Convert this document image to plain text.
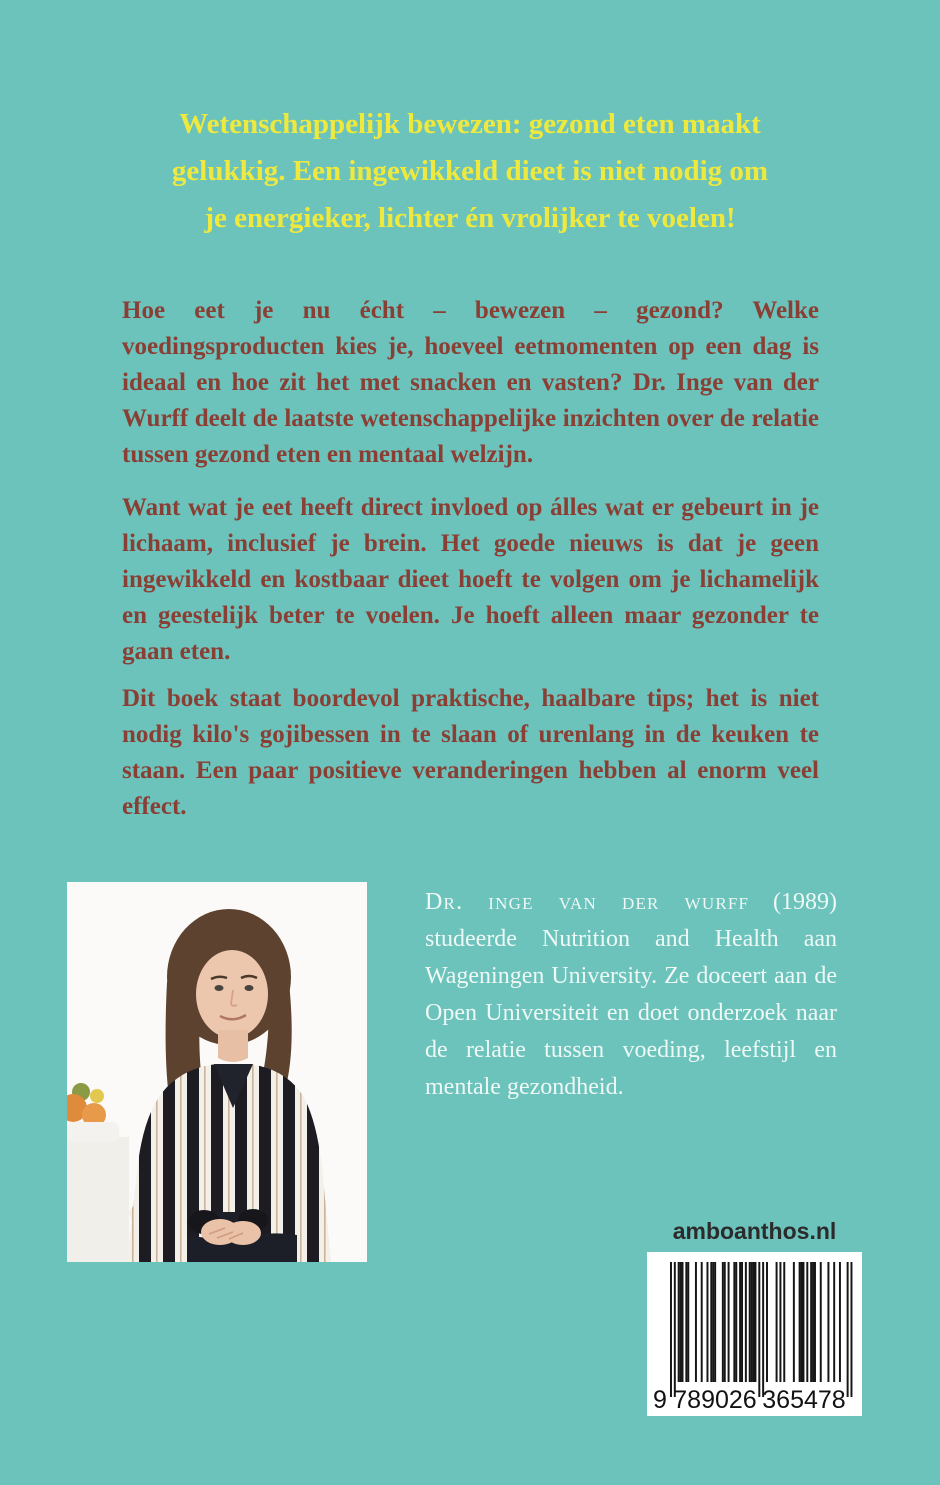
Wetenschappelijk bewezen: gezond eten maakt
gelukkig. Een ingewikkeld dieet is niet nodig om
je energieker, lichter én vrolijker te voelen!

Hoe eet je nu écht – bewezen – gezond? Welke voedingsproducten kies je, hoeveel eetmomenten op een dag is ideaal en hoe zit het met snacken en vasten? Dr. Inge van der Wurff deelt de laatste wetenschappelijke inzichten over de relatie tussen gezond eten en mentaal welzijn.

Want wat je eet heeft direct invloed op álles wat er gebeurt in je lichaam, inclusief je brein. Het goede nieuws is dat je geen ingewikkeld en kostbaar dieet hoeft te volgen om je lichamelijk en geestelijk beter te voelen. Je hoeft alleen maar gezonder te gaan eten.

Dit boek staat boordevol praktische, haalbare tips; het is niet nodig kilo's gojibessen in te slaan of urenlang in de keuken te staan. Een paar positieve veranderingen hebben al enorm veel effect.

Dr. inge van der wurff (1989) studeerde Nutrition and Health aan Wageningen University. Ze doceert aan de Open Universiteit en doet onderzoek naar de relatie tussen voeding, leefstijl en mentale gezondheid.

amboanthos.nl
9 789026 365478
